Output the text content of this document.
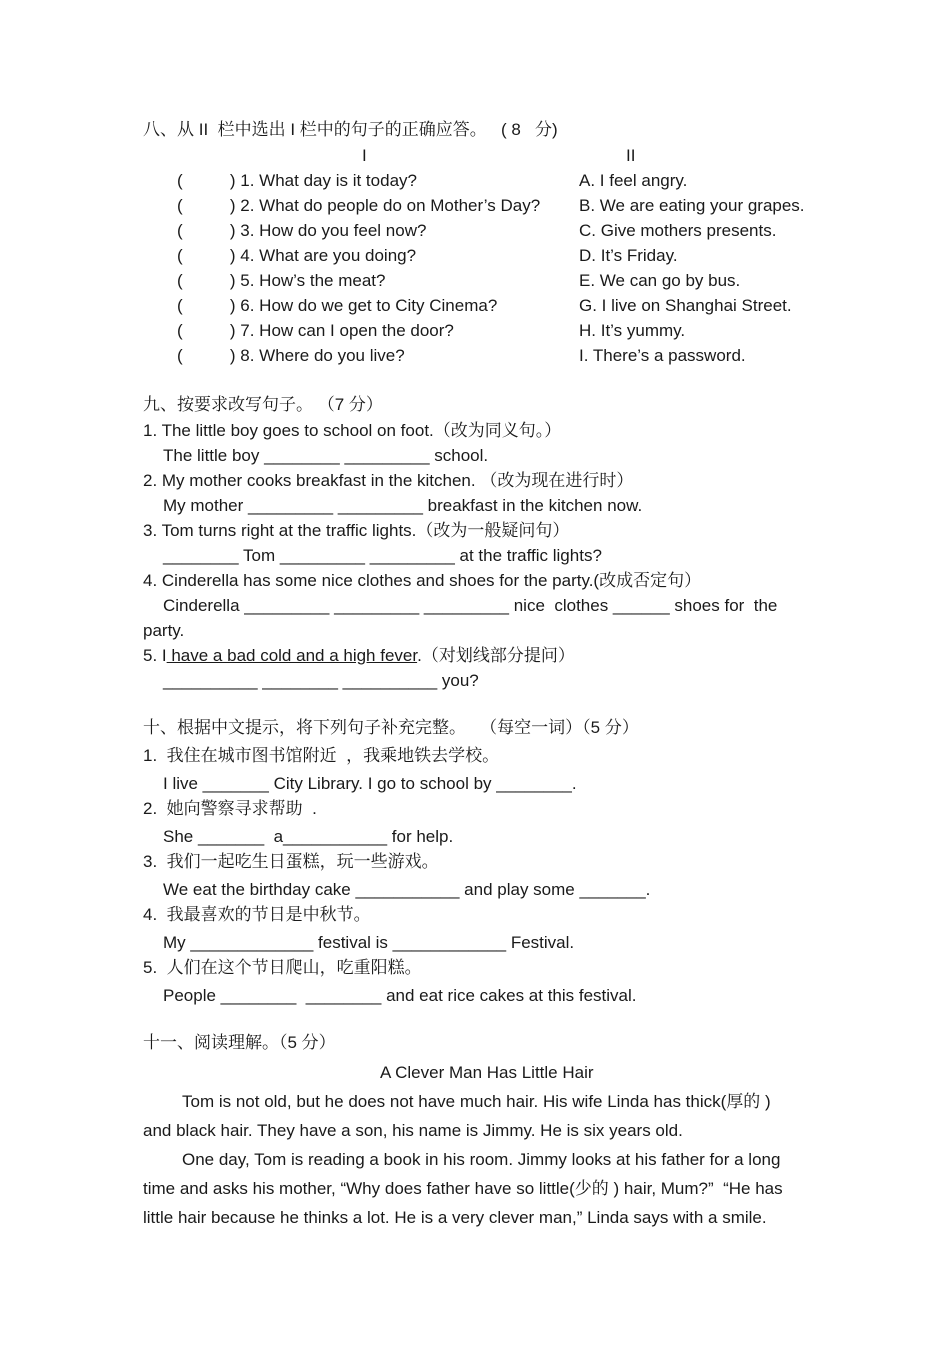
八、从 II  栏中选出 I 栏中的句子的正确应答。   ( 8   分)
I	II
(          ) 1. What day is it today?
(          ) 2. What do people do on Mother’s Day?
(          ) 3. How do you feel now?
(          ) 4. What are you doing?
(          ) 5. How’s the meat?
(          ) 6. How do we get to City Cinema?
(          ) 7. How can I open the door?
(          ) 8. Where do you live?
A. I feel angry.
B. We are eating your grapes.
C. Give mothers presents.
D. It’s Friday.
E. We can go by bus.
G. I live on Shanghai Street.
H. It’s yummy.
I. There’s a password.
九、按要求改写句子。 （7 分）
1. The little boy goes to school on foot.（改为同义句。）
The little boy ________ _________ school.
2. My mother cooks breakfast in the kitchen. （改为现在进行时）
My mother _________ _________ breakfast in the kitchen now.
3. Tom turns right at the traffic lights.（改为一般疑问句）
________ Tom _________ _________ at the traffic lights?
4. Cinderella has some nice clothes and shoes for the party.(改成否定句）
Cinderella _________ _________ _________ nice  clothes ______ shoes for  the
party.
5. I have a bad cold and a high fever.（对划线部分提问）
__________ ________ __________ you?
十、根据中文提示，将下列句子补充完整。   （每空一词）（5 分）
1.  我住在城市图书馆附近  ，我乘地铁去学校。
I live _______ City Library. I go to school by ________.
2.  她向警察寻求帮助  .
She _______  a___________ for help.
3.  我们一起吃生日蛋糕，玩一些游戏。
We eat the birthday cake ___________ and play some _______.
4.  我最喜欢的节日是中秋节。
My _____________ festival is ____________ Festival.
5.  人们在这个节日爬山，吃重阳糕。
People ________  ________ and eat rice cakes at this festival.
十一、阅读理解。（5 分）
A Clever Man Has Little Hair
Tom is not old, but he does not have much hair. His wife Linda has thick(厚的 )
and black hair. They have a son, his name is Jimmy. He is six years old.
One day, Tom is reading a book in his room. Jimmy looks at his father for a long
time and asks his mother, “Why does father have so little(少的 ) hair, Mum?”  “He has
little hair because he thinks a lot. He is a very clever man,” Linda says with a smile.
